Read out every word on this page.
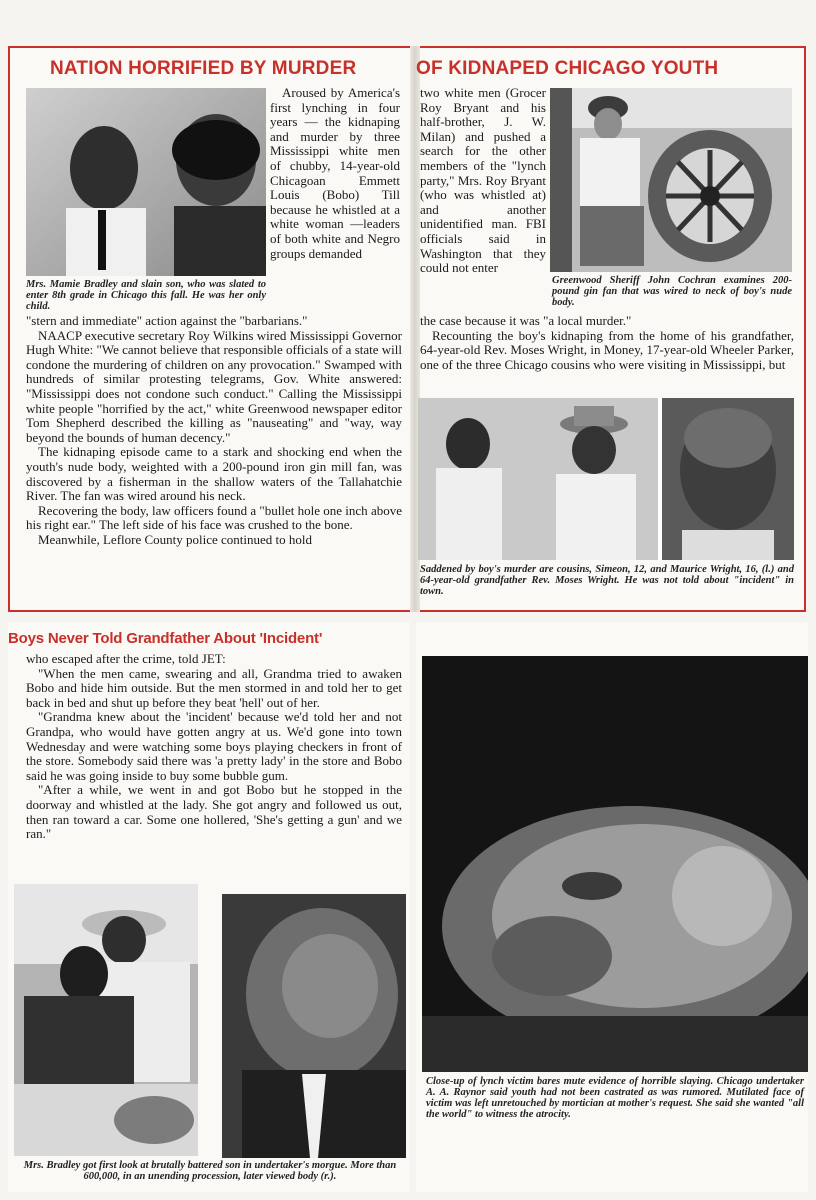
NATION HORRIFIED BY MURDER	OF KIDNAPED CHICAGO YOUTH
Mrs. Mamie Bradley and slain son, who was slated to enter 8th grade in Chicago this fall. He was her only child.

Aroused by America's first lynching in four years — the kidnaping and murder by three Mississippi white men of chubby, 14-year-old Chicagoan Emmett Louis (Bobo) Till because he whistled at a white woman —leaders of both white and Negro groups demanded

"stern and immediate" action against the "barbarians."

NAACP executive secretary Roy Wilkins wired Mississippi Governor Hugh White: "We cannot believe that responsible officials of a state will condone the murdering of children on any provocation." Swamped with hundreds of similar protesting telegrams, Gov. White answered: "Mississippi does not condone such conduct." Calling the Mississippi white people "horrified by the act," white Greenwood newspaper editor Tom Shepherd described the killing as "nauseating" and "way, way beyond the bounds of human decency."

The kidnaping episode came to a stark and shocking end when the youth's nude body, weighted with a 200-pound iron gin mill fan, was discovered by a fisherman in the shallow waters of the Tallahatchie River. The fan was wired around his neck.

Recovering the body, law officers found a "bullet hole one inch above his right ear." The left side of his face was crushed to the bone.

Meanwhile, Leflore County police continued to hold

two white men (Grocer Roy Bryant and his half-brother, J. W. Milan) and pushed a search for the other members of the "lynch party," Mrs. Roy Bryant (who was whistled at) and another unidentified man. FBI officials said in Washington that they could not enter

Greenwood Sheriff John Cochran examines 200-pound gin fan that was wired to neck of boy's nude body.

the case because it was "a local murder."

Recounting the boy's kidnaping from the home of his grandfather, 64-year-old Rev. Moses Wright, in Money, 17-year-old Wheeler Parker, one of the three Chicago cousins who were visiting in Mississippi, but

Saddened by boy's murder are cousins, Simeon, 12, and Maurice Wright, 16, (l.) and 64-year-old grandfather Rev. Moses Wright. He was not told about "incident" in town.
Boys Never Told Grandfather About 'Incident'

who escaped after the crime, told JET:

"When the men came, swearing and all, Grandma tried to awaken Bobo and hide him outside. But the men stormed in and told her to get back in bed and shut up before they beat 'hell' out of her.

"Grandma knew about the 'incident' because we'd told her and not Grandpa, who would have gotten angry at us. We'd gone into town Wednesday and were watching some boys playing checkers in front of the store. Somebody said there was 'a pretty lady' in the store and Bobo said he was going inside to buy some bubble gum.

"After a while, we went in and got Bobo but he stopped in the doorway and whistled at the lady. She got angry and followed us out, then ran toward a car. Some one hollered, 'She's getting a gun' and we ran."

Mrs. Bradley got first look at brutally battered son in undertaker's morgue. More than 600,000, in an unending procession, later viewed body (r.).
Close-up of lynch victim bares mute evidence of horrible slaying. Chicago undertaker A. A. Raynor said youth had not been castrated as was rumored. Mutilated face of victim was left unretouched by mortician at mother's request. She said she wanted "all the world" to witness the atrocity.
